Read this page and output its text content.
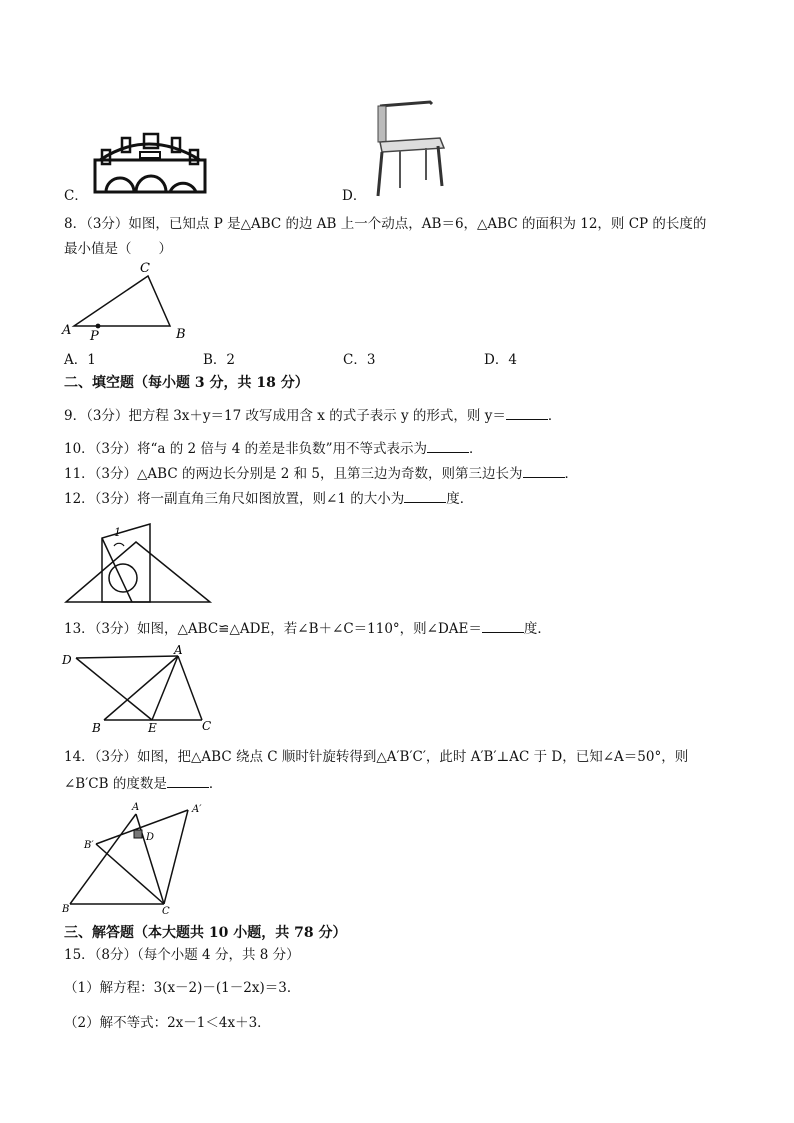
C．	D．
8．（3分）如图，已知点 P 是△ABC 的边 AB 上一个动点，AB＝6，△ABC 的面积为 12，则 CP 的长度的
最小值是（　　）
A
C
B
P
A．1	B．2	C．3	D．4
二、填空题（每小题 3 分，共 18 分）
9．（3分）把方程 3x＋y＝17 改写成用含 x 的式子表示 y 的形式，则 y＝	．
10．（3分）将“a 的 2 倍与 4 的差是非负数”用不等式表示为	．
11．（3分）△ABC 的两边长分别是 2 和 5，且第三边为奇数，则第三边长为	．
12．（3分）将一副直角三角尺如图放置，则∠1 的大小为	度．
1
13．（3分）如图，△ABC≌△ADE，若∠B＋∠C＝110°，则∠DAE＝	度．
D
A
B	E	C
14．（3分）如图，把△ABC 绕点 C 顺时针旋转得到△A′B′C′，此时 A′B′⊥AC 于 D，已知∠A＝50°，则
∠B′CB 的度数是	．
A	A′
B′
D
B	C
三、解答题（本大题共 10 小题，共 78 分）
15．（8分）（每个小题 4 分，共 8 分）
（1）解方程：3(x－2)－(1－2x)＝3．
（2）解不等式：2x－1＜4x＋3．
